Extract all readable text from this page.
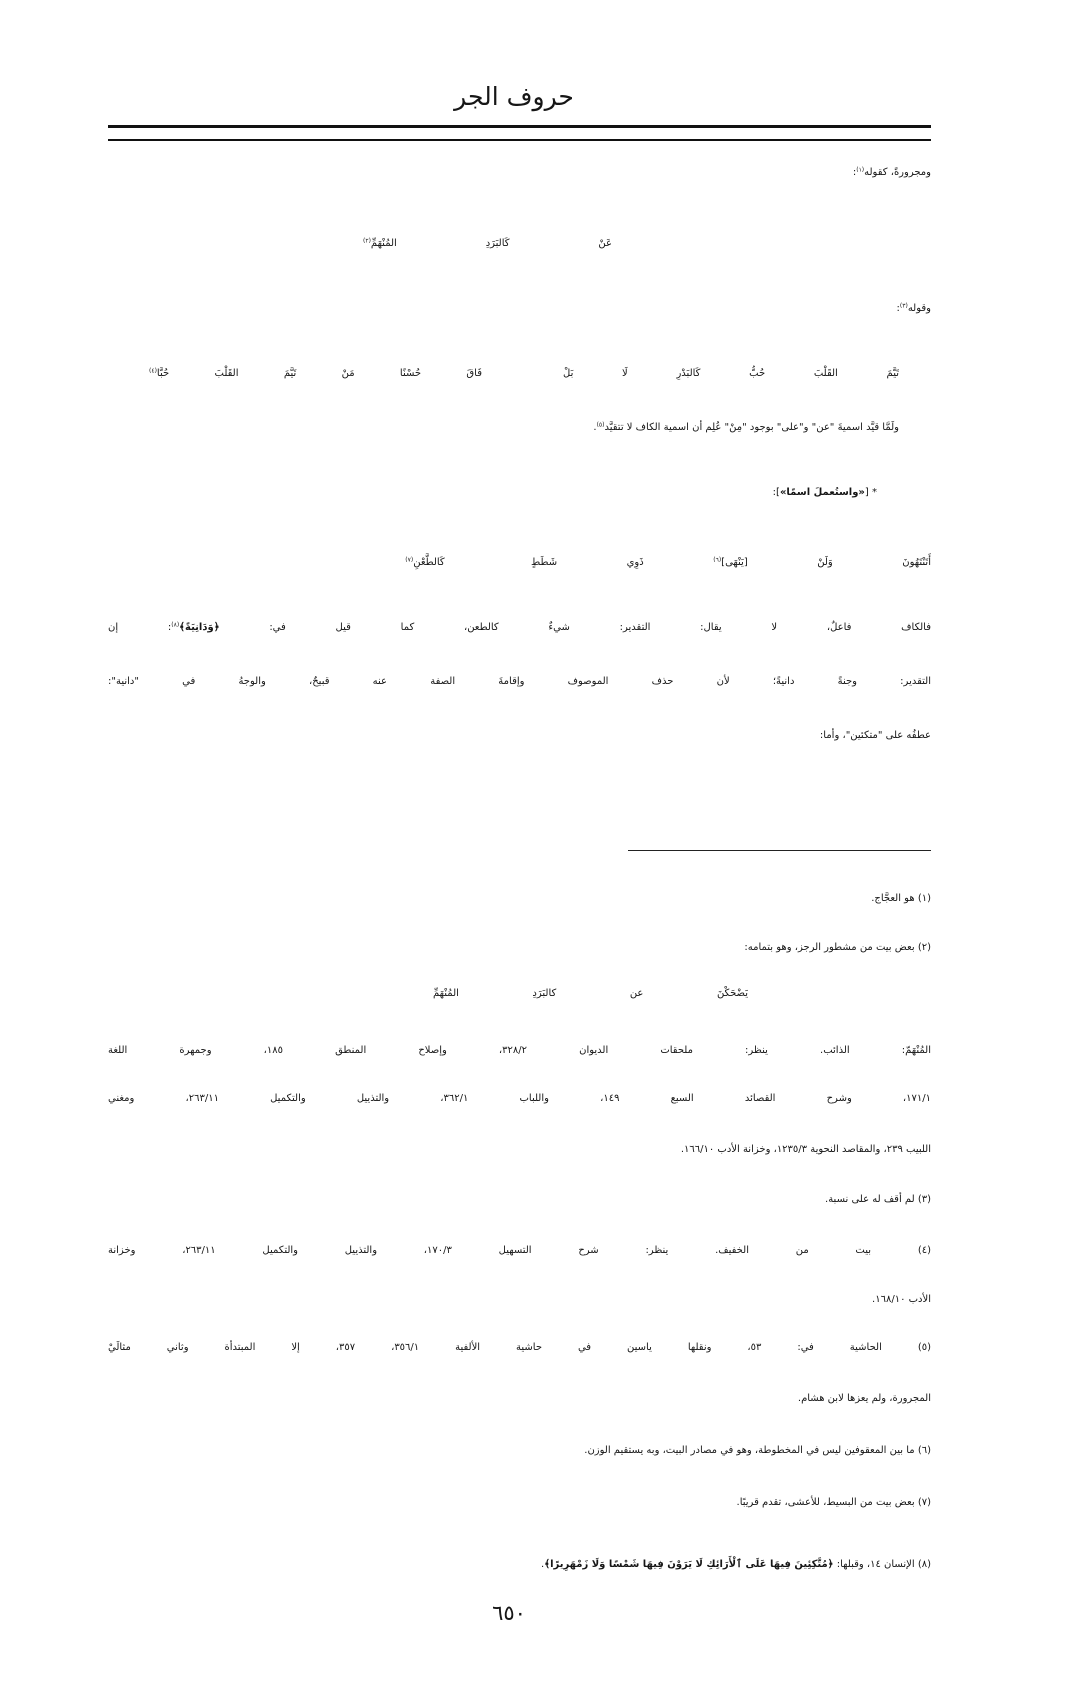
حروف الجر
ومجرورةً، كقوله$^{(١)}$:
عَنْ كَالبَرَدِ المُنْهَمِّ$^{(٢)}$
وقوله$^{(٣)}$:
تَيَّمَ القَلْبَ حُبُّ كَالبَدْرِ لَا بَلْ
فَاقَ حُسْنًا مَنْ تَيَّمَ القَلْبَ حُبَّا$^{(٤)}$
ولَمَّا قيَّد اسميةَ "عن" و"على" بوجود "مِنْ" عُلِم أن اسمية الكاف لا تتقيَّد$^{(٥)}$.
* [«واستُعملَ اسمًا»]:
أَتَنْتَهُونَ وَلَنْ [يَنْهَى]$^{(٦)}$ ذَوِي شَطَطٍ
كَالطَّعْنِ$^{(٧)}$
فالكاف فاعلٌ، لا يقال: التقدير: شيءٌ كالطعن، كما قيل في: ﴿وَدَانِيَةً﴾$^{(٨)}$: إن
التقدير: وجنةً دانيةً؛ لأن حذف الموصوف وإقامةَ الصفة عنه قبيحٌ، والوجهُ في "دانية":
عطفُه على "متكئين"، وأما:
(١) هو العجَّاج.
(٢) بعض بيت من مشطور الرجز، وهو بتمامه:
يَضْحَكْنَ عن كالبَرَدِ المُنْهَمِّ
المُنْهَمّ: الذائب. ينظر: ملحقات الديوان ٣٢٨/٢، وإصلاح المنطق ١٨٥، وجمهرة اللغة
١٧١/١، وشرح القصائد السبع ١٤٩، واللباب ٣٦٢/١، والتذييل والتكميل ٢٦٣/١١، ومغني
اللبيب ٢٣٩، والمقاصد النحوية ١٢٣٥/٣، وخزانة الأدب ١٦٦/١٠.
(٣) لم أقف له على نسبة.
(٤) بيت من الخفيف. ينظر: شرح التسهيل ١٧٠/٣، والتذييل والتكميل ٢٦٣/١١، وخزانة
الأدب ١٦٨/١٠.
(٥) الحاشية في: ٥٣، ونقلها ياسين في حاشية الألفية ٣٥٦/١، ٣٥٧، إلا المبتدأة وثاني مثالَيْ
المجرورة، ولم يعزها لابن هشام.
(٦) ما بين المعقوفين ليس في المخطوطة، وهو في مصادر البيت، وبه يستقيم الوزن.
(٧) بعض بيت من البسيط، للأعشى، تقدم قريبًا.
(٨) الإنسان ١٤، وقبلها: ﴿مُتَّكِئِينَ فِيهَا عَلَى ٱلْأَرَائِكِ لَا يَرَوْنَ فِيهَا شَمْسًا وَلَا زَمْهَرِيرًا﴾.
٦٥٠
